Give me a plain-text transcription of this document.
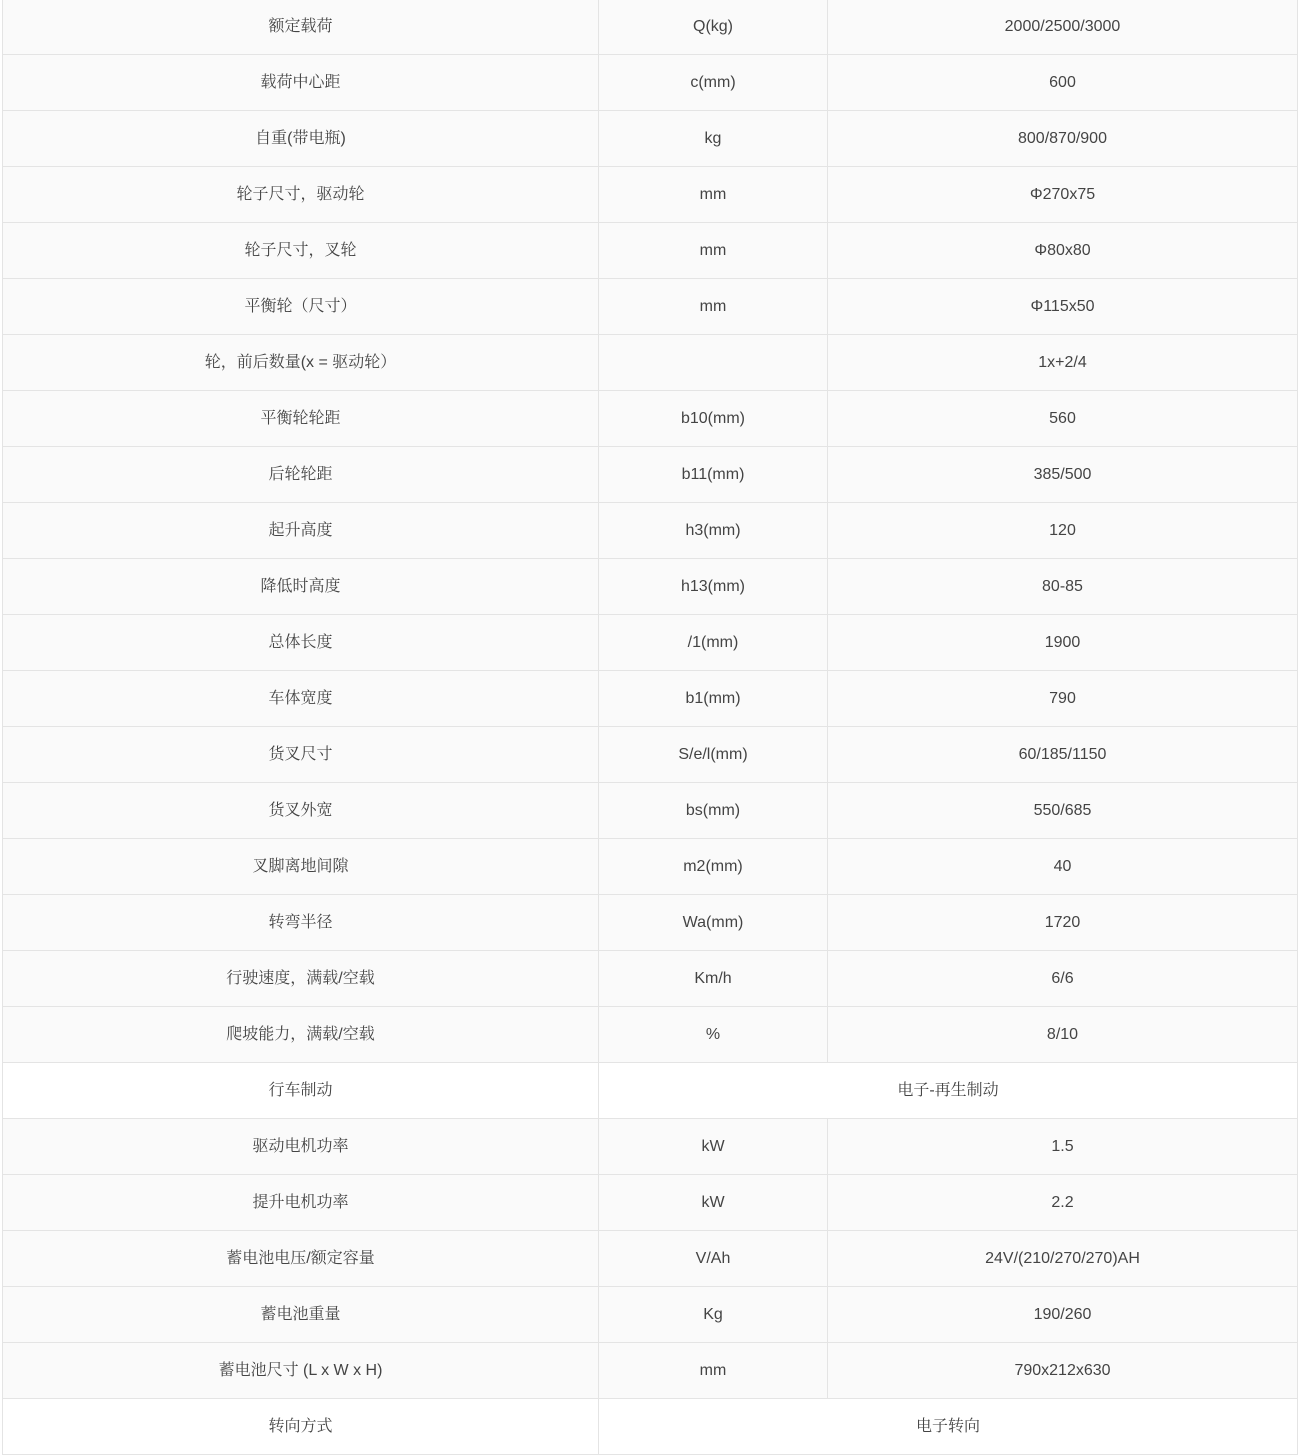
额定载荷	Q(kg)	2000/2500/3000
载荷中心距	c(mm)	600
自重(带电瓶)	kg	800/870/900
轮子尺寸，驱动轮	mm	Φ270x75
轮子尺寸，叉轮	mm	Φ80x80
平衡轮（尺寸）	mm	Φ115x50
轮，前后数量(x = 驱动轮）		1x+2/4
平衡轮轮距	b10(mm)	560
后轮轮距	b11(mm)	385/500
起升高度	h3(mm)	120
降低时高度	h13(mm)	80-85
总体长度	/1(mm)	1900
车体宽度	b1(mm)	790
货叉尺寸	S/e/l(mm)	60/185/1150
货叉外宽	bs(mm)	550/685
叉脚离地间隙	m2(mm)	40
转弯半径	Wa(mm)	1720
行驶速度，满载/空载	Km/h	6/6
爬坡能力，满载/空载	%	8/10
行车制动	电子-再生制动	
驱动电机功率	kW	1.5
提升电机功率	kW	2.2
蓄电池电压/额定容量	V/Ah	24V/(210/270/270)AH
蓄电池重量	Kg	190/260
蓄电池尺寸 (L x W x H)	mm	790x212x630
转向方式	电子转向	
